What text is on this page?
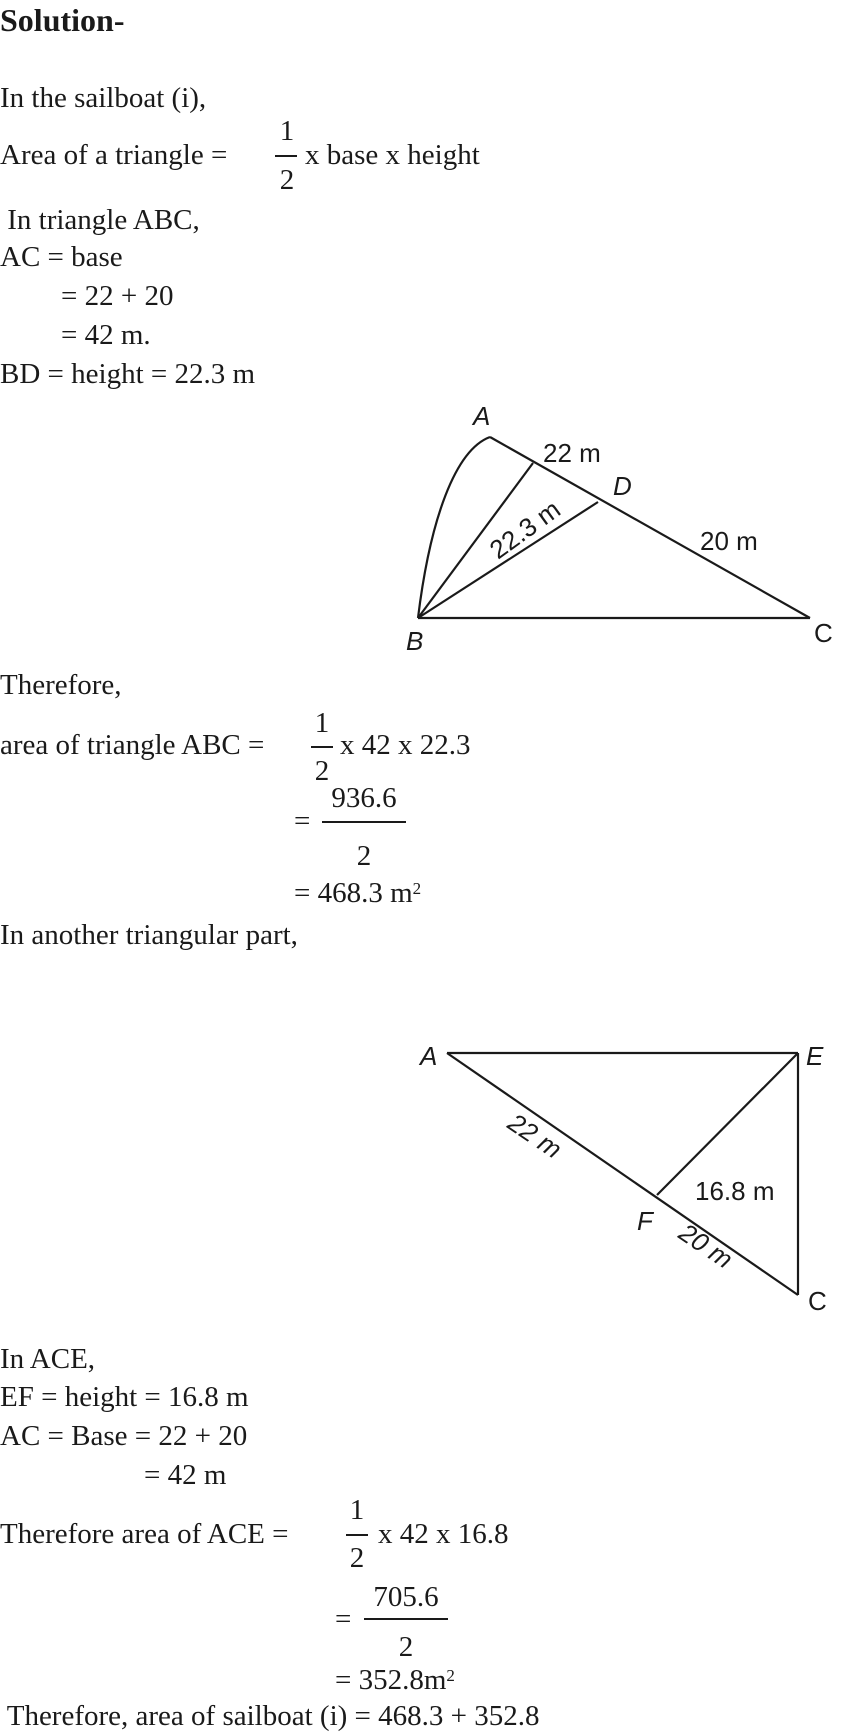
Solution-
In the sailboat (i),
Area of a triangle =
1
2
x base x height
In triangle ABC,
AC = base
= 22 + 20
= 42 m.
BD = height = 22.3 m
A
B	C
D
22 m
20 m
22.3 m
A	E
C
F
16.8 m
22 m
20 m
Therefore,
area of triangle ABC =
1
2
x 42 x 22.3
=
936.6
2
= 468.3 $m^2$
In another triangular part,
In ACE,
EF = height = 16.8 m
AC = Base = 22 + 20
= 42 m
Therefore area of ACE =
1
2
x 42 x 16.8
=
705.6
2
= $352.8m^2$
Therefore, area of sailboat (i) = 468.3 + 352.8
